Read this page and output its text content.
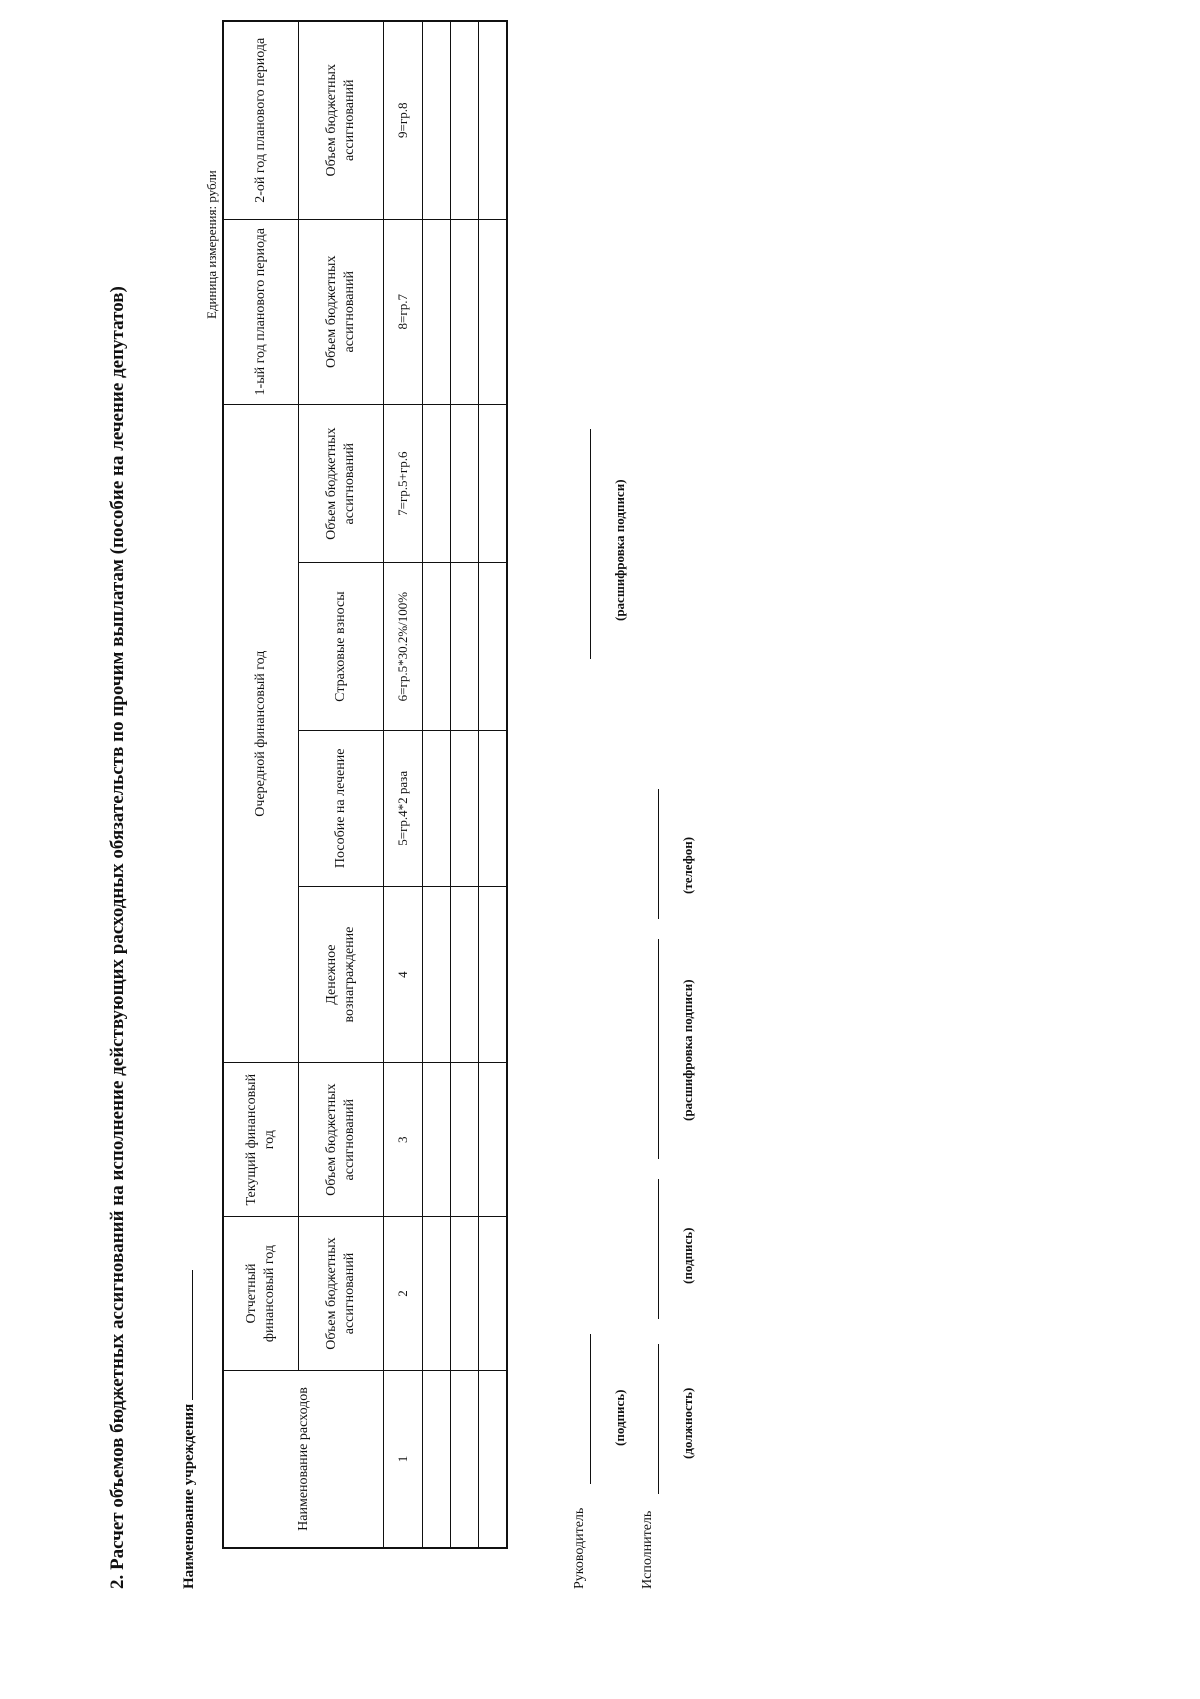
2. Расчет объемов бюджетных ассигнований на исполнение действующих расходных обязательств по прочим выплатам (пособие на лечение депутатов)	Наименование учреждения
Единица измерения: рубли
Наименование расходов	Отчетный финансовый год	Текущий финансовый год	Очередной финансовый год				1-ый год планового периода	2-ой год планового периода
	Объем бюджетных ассигнований	Объем бюджетных ассигнований	Денежное вознаграждение	Пособие на лечение	Страховые взносы	Объем бюджетных ассигнований	Объем бюджетных ассигнований	Объем бюджетных ассигнований
1	2	3	4	5=гр.4*2 раза	6=гр.5*30.2%/100%	7=гр.5+гр.6	8=гр.7	9=гр.8

Руководитель
(подпись)
(расшифровка подписи)
Исполнитель
(должность)
(подпись)
(расшифровка подписи)
(телефон)
